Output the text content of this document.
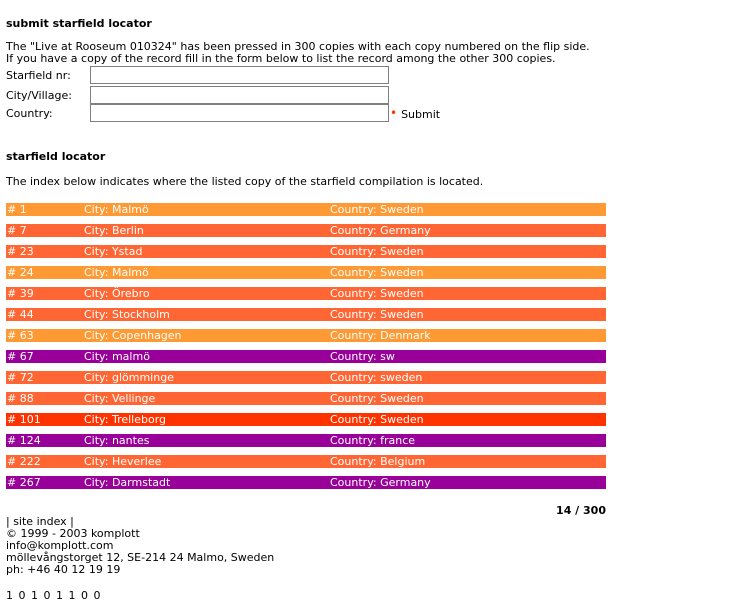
submit starfield locator
The "Live at Rooseum 010324" has been pressed in 300 copies with each copy numbered on the flip side.
If you have a copy of the record fill in the form below to list the record among the other 300 copies.
Starfield nr:
City/Village:
Country:	• Submit
starfield locator
The index below indicates where the listed copy of the starfield compilation is located.
# 1	City: Malmö	Country: Sweden
# 7	City: Berlin	Country: Germany
# 23	City: Ystad	Country: Sweden
# 24	City: Malmö	Country: Sweden
# 39	City: Örebro	Country: Sweden
# 44	City: Stockholm	Country: Sweden
# 63	City: Copenhagen	Country: Denmark
# 67	City: malmö	Country: sw
# 72	City: glömminge	Country: sweden
# 88	City: Vellinge	Country: Sweden
# 101	City: Trelleborg	Country: Sweden
# 124	City: nantes	Country: france
# 222	City: Heverlee	Country: Belgium
# 267	City: Darmstadt	Country: Germany
14 / 300
| site index |
© 1999 - 2003 komplott
info@komplott.com
möllevångstorget 12, SE-214 24 Malmo, Sweden
ph: +46 40 12 19 19
1 0 1 0 1 1 0 0
